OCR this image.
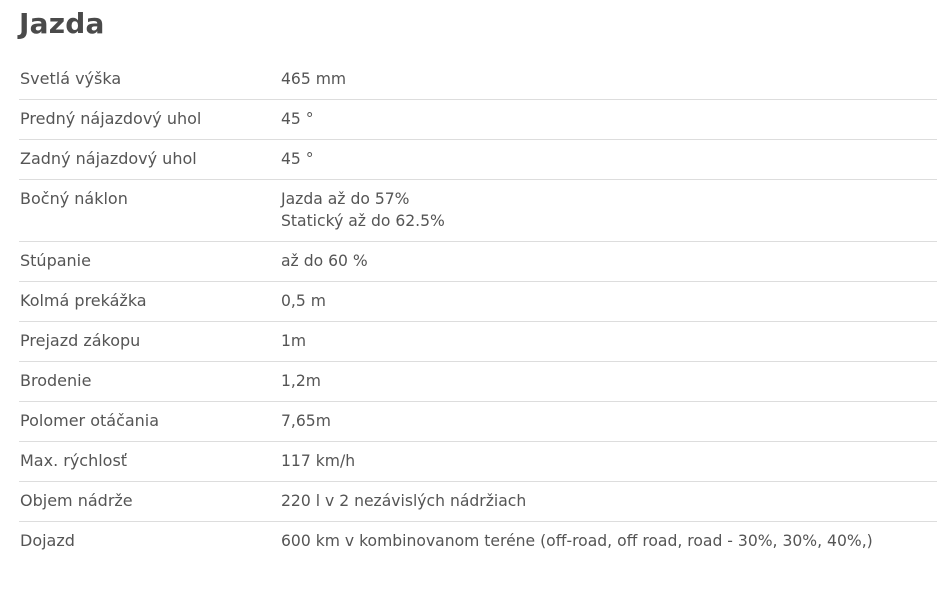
Jazda
Svetlá výška	465 mm

Predný nájazdový uhol	45 °

Zadný nájazdový uhol	45 °

Bočný náklon	Jazda až do 57%
Statický až do 62.5%

Stúpanie	až do 60 %

Kolmá prekážka	0,5 m

Prejazd zákopu	1m

Brodenie	1,2m

Polomer otáčania	7,65m

Max. rýchlosť	117 km/h

Objem nádrže	220 l v 2 nezávislých nádržiach

Dojazd	600 km v kombinovanom teréne (off-road, off road, road - 30%, 30%, 40%,)
